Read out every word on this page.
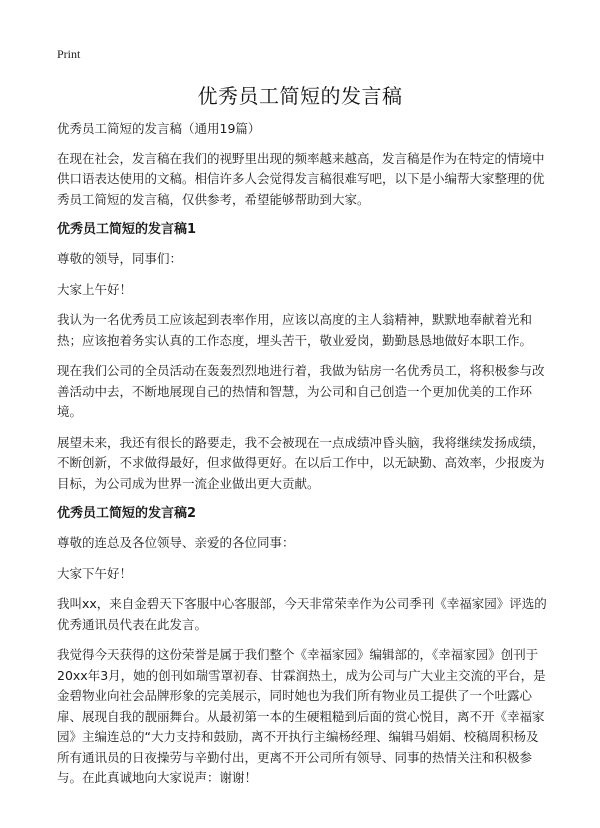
Print
优秀员工简短的发言稿

优秀员工简短的发言稿（通用19篇）

在现在社会，发言稿在我们的视野里出现的频率越来越高，发言稿是作为在特定的情境中供口语表达使用的文稿。相信许多人会觉得发言稿很难写吧，以下是小编帮大家整理的优秀员工简短的发言稿，仅供参考，希望能够帮助到大家。

优秀员工简短的发言稿1

尊敬的领导，同事们：

大家上午好！

我认为一名优秀员工应该起到表率作用，应该以高度的主人翁精神，默默地奉献着光和热；应该抱着务实认真的工作态度，埋头苦干，敬业爱岗，勤勤恳恳地做好本职工作。

现在我们公司的全员活动在轰轰烈烈地进行着，我做为钻房一名优秀员工，将积极参与改善活动中去，不断地展现自己的热情和智慧，为公司和自己创造一个更加优美的工作环境。

展望未来，我还有很长的路要走，我不会被现在一点成绩冲昏头脑，我将继续发扬成绩，不断创新，不求做得最好，但求做得更好。在以后工作中，以无缺勤、高效率，少报废为目标，为公司成为世界一流企业做出更大贡献。

优秀员工简短的发言稿2

尊敬的连总及各位领导、亲爱的各位同事：

大家下午好！

我叫xx，来自金碧天下客服中心客服部，今天非常荣幸作为公司季刊《幸福家园》评选的优秀通讯员代表在此发言。

我觉得今天获得的这份荣誉是属于我们整个《幸福家园》编辑部的，《幸福家园》创刊于20xx年3月，她的创刊如瑞雪罩初春、甘霖润热土，成为公司与广大业主交流的平台，是金碧物业向社会品牌形象的完美展示，同时她也为我们所有物业员工提供了一个吐露心扉、展现自我的靓丽舞台。从最初第一本的生硬粗糙到后面的赏心悦目，离不开《幸福家园》主编连总的“大力支持和鼓励，离不开执行主编杨经理、编辑马娟娟、校稿周积杨及所有通讯员的日夜操劳与辛勤付出，更离不开公司所有领导、同事的热情关注和积极参与。在此真诚地向大家说声：谢谢！
